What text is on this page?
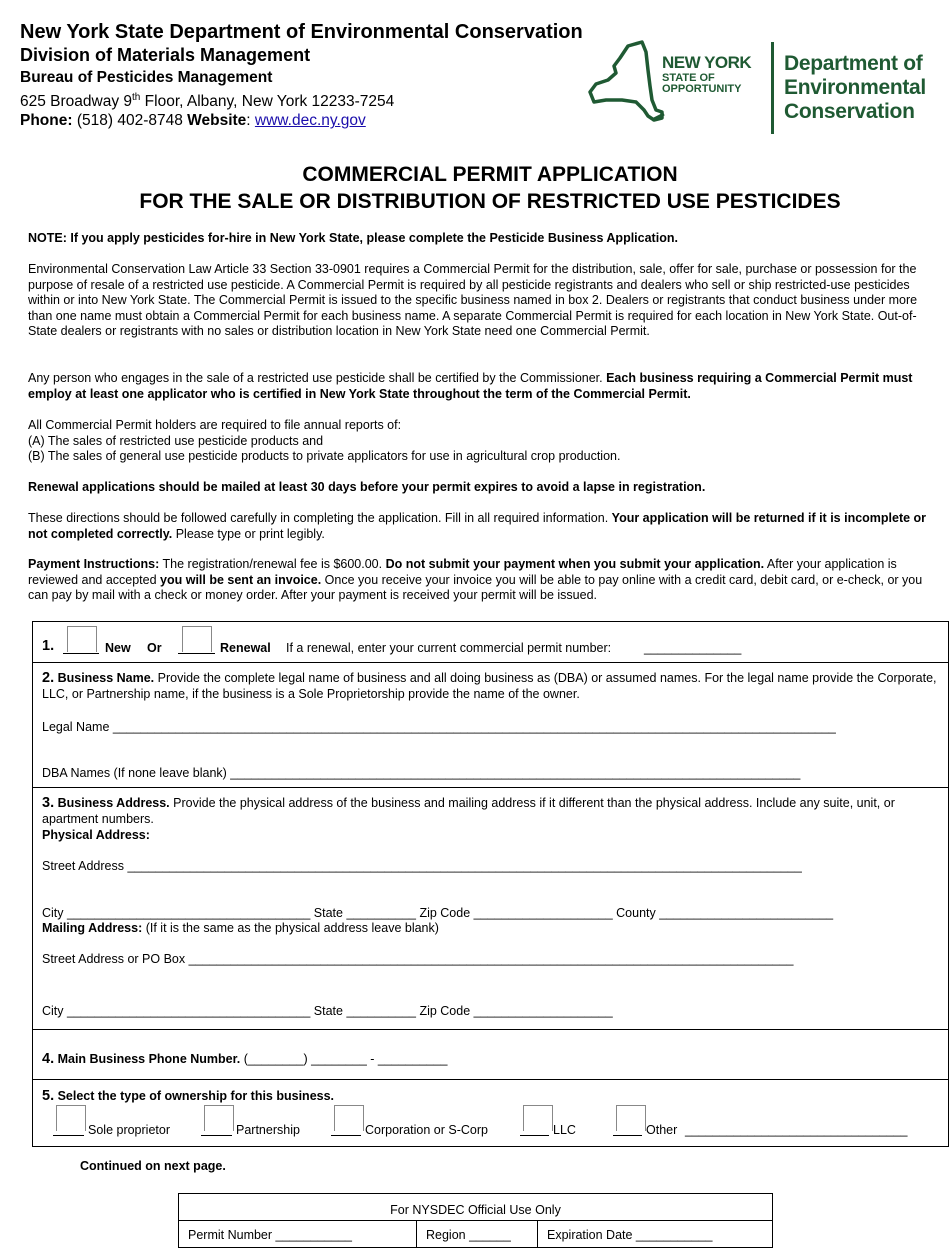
New York State Department of Environmental Conservation
Division of Materials Management
Bureau of Pesticides Management
625 Broadway 9th Floor, Albany, New York 12233-7254
Phone: (518) 402-8748 Website: www.dec.ny.gov
NEW YORK
STATE OF
OPPORTUNITY
Department of
Environmental
Conservation
COMMERCIAL PERMIT APPLICATION
FOR THE SALE OR DISTRIBUTION OF RESTRICTED USE PESTICIDES
NOTE: If you apply pesticides for-hire in New York State, please complete the Pesticide Business Application.
Environmental Conservation Law Article 33 Section 33-0901 requires a Commercial Permit for the distribution, sale, offer for sale, purchase or possession for the purpose of resale of a restricted use pesticide. A Commercial Permit is required by all pesticide registrants and dealers who sell or ship restricted-use pesticides within or into New York State. The Commercial Permit is issued to the specific business named in box 2. Dealers or registrants that conduct business under more than one name must obtain a Commercial Permit for each business name. A separate Commercial Permit is required for each location in New York State. Out-of-State dealers or registrants with no sales or distribution location in New York State need one Commercial Permit.
Any person who engages in the sale of a restricted use pesticide shall be certified by the Commissioner. Each business requiring a Commercial Permit must employ at least one applicator who is certified in New York State throughout the term of the Commercial Permit.
All Commercial Permit holders are required to file annual reports of:
(A) The sales of restricted use pesticide products and
(B) The sales of general use pesticide products to private applicators for use in agricultural crop production.
Renewal applications should be mailed at least 30 days before your permit expires to avoid a lapse in registration.
These directions should be followed carefully in completing the application. Fill in all required information. Your application will be returned if it is incomplete or not completed correctly. Please type or print legibly.
Payment Instructions: The registration/renewal fee is $600.00. Do not submit your payment when you submit your application. After your application is reviewed and accepted you will be sent an invoice. Once you receive your invoice you will be able to pay online with a credit card, debit card, or e-check, or you can pay by mail with a check or money order. After your payment is received your permit will be issued.
1.	New Or	Renewal If a renewal, enter your current commercial permit number:	______________
2. Business Name. Provide the complete legal name of business and all doing business as (DBA) or assumed names. For the legal name provide the Corporate, LLC, or Partnership name, if the business is a Sole Proprietorship provide the name of the owner.
Legal Name ________________________________________________________________________________________________________
DBA Names (If none leave blank) __________________________________________________________________________________
3. Business Address. Provide the physical address of the business and mailing address if it different than the physical address. Include any suite, unit, or apartment numbers.
Physical Address:
Street Address _________________________________________________________________________________________________
City ___________________________________ State __________ Zip Code ____________________ County _________________________
Mailing Address: (If it is the same as the physical address leave blank)
Street Address or PO Box _______________________________________________________________________________________
City ___________________________________ State __________ Zip Code ____________________
4. Main Business Phone Number. (________) ________ - __________
5. Select the type of ownership for this business.
Sole proprietor	Partnership	Corporation or S-Corp	LLC	Other ________________________________
Continued on next page.
For NYSDEC Official Use Only
Permit Number ___________	Region ______	Expiration Date ___________
